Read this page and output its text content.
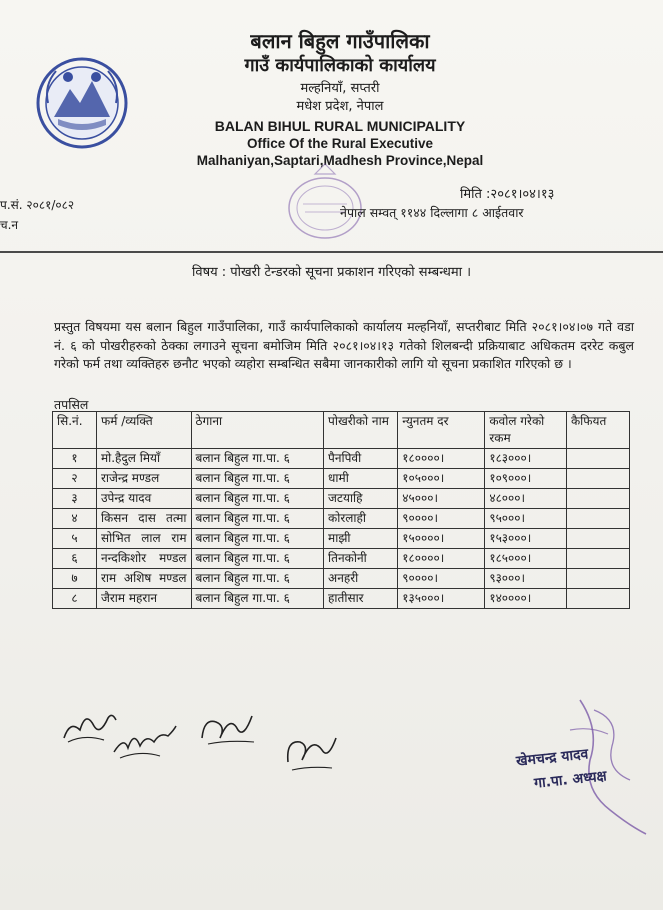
बलान बिहुल गाउँपालिका
गाउँ कार्यपालिकाको कार्यालय
मल्हनियाँ, सप्तरी
मधेश प्रदेश, नेपाल
BALAN BIHUL RURAL MUNICIPALITY
Office Of the Rural Executive
Malhaniyan,Saptari,Madhesh Province,Nepal
प.सं. २०८१/०८२
च.न
मिति :२०८१।०४।१३
नेपाल सम्वत् ११४४ दिल्लागा ८ आईतवार
विषय : पोखरी टेन्डरको सूचना प्रकाशन गरिएको सम्बन्धमा ।
प्रस्तुत विषयमा यस बलान बिहुल गाउँपालिका, गाउँ कार्यपालिकाको कार्यालय मल्हनियाँ, सप्तरीबाट मिति २०८१।०४।०७ गते वडा नं. ६ को पोखरीहरुको ठेक्का लगाउने सूचना बमोजिम मिति २०८१।०४।१३ गतेको शिलबन्दी प्रक्रियाबाट अधिकतम दररेट कबुल गरेको फर्म तथा व्यक्तिहरु छनौट भएको व्यहोरा सम्बन्धित सबैमा जानकारीको लागि यो सूचना प्रकाशित गरिएको छ ।
तपसिल
सि.नं.	फर्म /व्यक्ति	ठेगाना	पोखरीको नाम	न्युनतम दर	कवोल गरेको रकम	कैफियत
१	मो.हैदुल मियाँ	बलान बिहुल गा.पा. ६	पैनपिवी	१८००००।	१८३०००।	
२	राजेन्द्र मण्डल	बलान बिहुल गा.पा. ६	धामी	१०५०००।	१०९०००।	
३	उपेन्द्र यादव	बलान बिहुल गा.पा. ६	जटयाहि	४५०००।	४८०००।	
४	किसन दास तत्मा	बलान बिहुल गा.पा. ६	कोरलाही	९००००।	९५०००।	
५	सोभित लाल राम	बलान बिहुल गा.पा. ६	माझी	१५००००।	१५३०००।	
६	नन्दकिशोर मण्डल	बलान बिहुल गा.पा. ६	तिनकोनी	१८००००।	१८५०००।	
७	राम अशिष मण्डल	बलान बिहुल गा.पा. ६	अनहरी	९००००।	९३०००।	
८	जैराम महरान	बलान बिहुल गा.पा. ६	हातीसार	१३५०००।	१४००००।	
खेमचन्द्र यादव
गा.पा. अध्यक्ष
